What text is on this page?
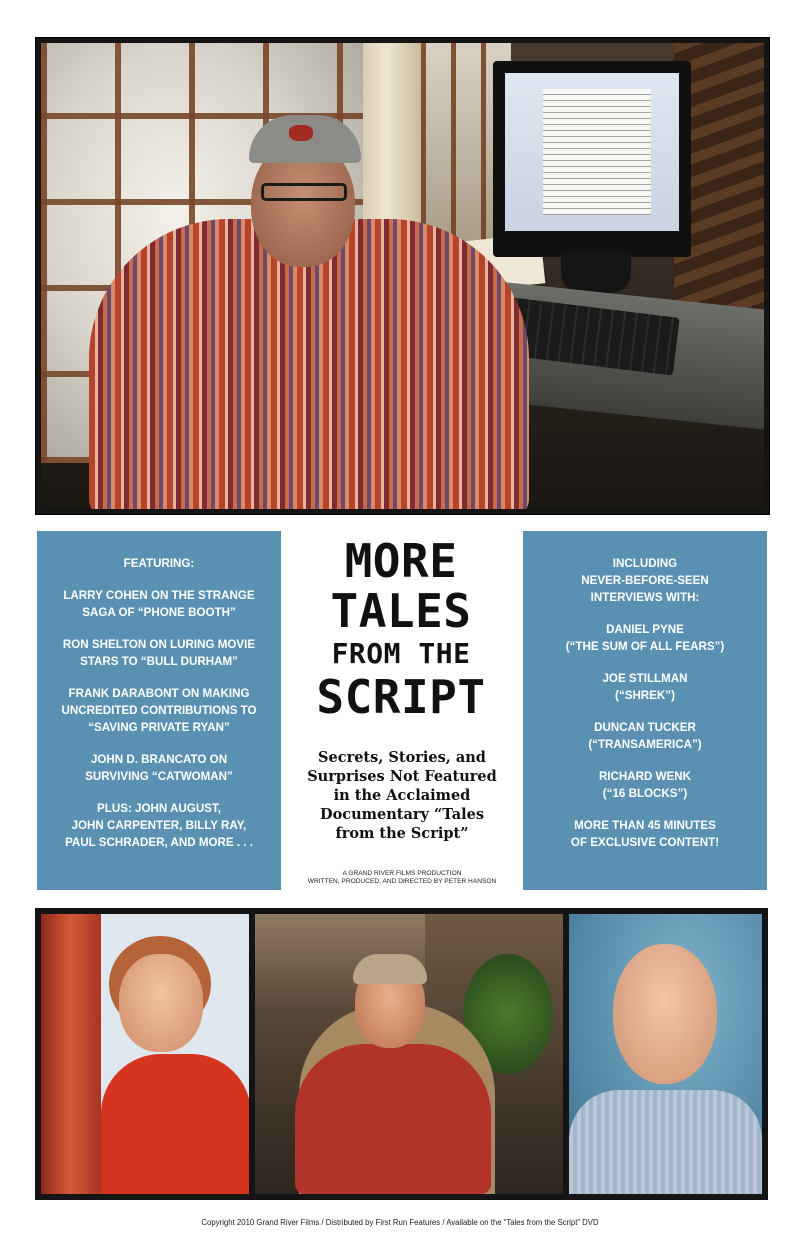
FEATURING:
LARRY COHEN ON THE STRANGE
SAGA OF “PHONE BOOTH”
RON SHELTON ON LURING MOVIE
STARS TO “BULL DURHAM”
FRANK DARABONT ON MAKING
UNCREDITED CONTRIBUTIONS TO
“SAVING PRIVATE RYAN”
JOHN D. BRANCATO ON
SURVIVING “CATWOMAN”
PLUS: JOHN AUGUST,
JOHN CARPENTER, BILLY RAY,
PAUL SCHRADER, AND MORE . . .
MORE
TALES
FROM THE
SCRIPT
Secrets, Stories, and
Surprises Not Featured
in the Acclaimed
Documentary “Tales
from the Script”
A GRAND RIVER FILMS PRODUCTION
WRITTEN, PRODUCED, AND DIRECTED BY PETER HANSON
INCLUDING
NEVER-BEFORE-SEEN
INTERVIEWS WITH:
DANIEL PYNE
(“THE SUM OF ALL FEARS”)
JOE STILLMAN
(“SHREK”)
DUNCAN TUCKER
(“TRANSAMERICA”)
RICHARD WENK
(“16 BLOCKS”)
MORE THAN 45 MINUTES
OF EXCLUSIVE CONTENT!
Copyright 2010 Grand River Films / Distributed by First Run Features / Available on the “Tales from the Script” DVD
